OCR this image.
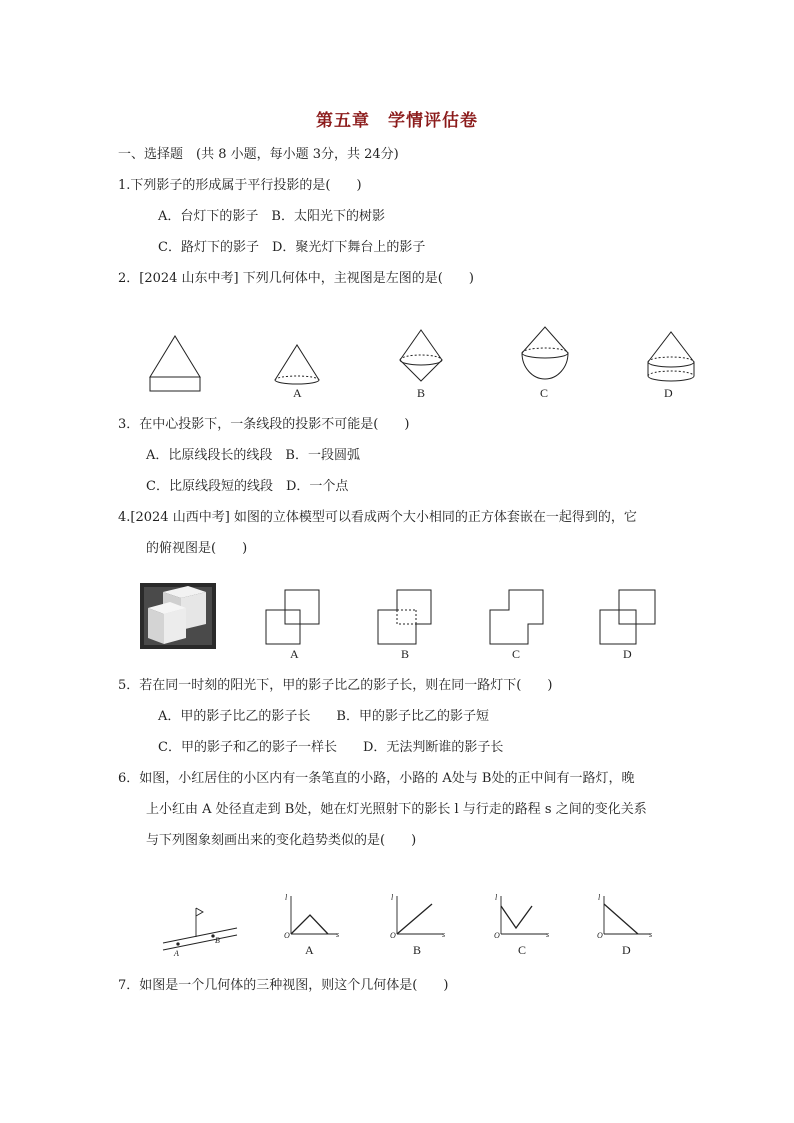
第五章　学情评估卷
一、选择题　(共 8 小题，每小题 3分，共 24分)
1.下列影子的形成属于平行投影的是(　　)
A．台灯下的影子　B．太阳光下的树影
C．路灯下的影子　D．聚光灯下舞台上的影子
2．[2024 山东中考] 下列几何体中，主视图是左图的是(　　)
A	B	C	D
3．在中心投影下，一条线段的投影不可能是(　　)
A．比原线段长的线段　B．一段圆弧
C．比原线段短的线段　D．一个点
4.[2024 山西中考] 如图的立体模型可以看成两个大小相同的正方体套嵌在一起得到的，它
的俯视图是(　　)
A	B	C	D
5．若在同一时刻的阳光下，甲的影子比乙的影子长，则在同一路灯下(　　)
A．甲的影子比乙的影子长　　B．甲的影子比乙的影子短
C．甲的影子和乙的影子一样长　　D．无法判断谁的影子长
6．如图，小红居住的小区内有一条笔直的小路，小路的 A处与 B处的正中间有一路灯，晚
上小红由 A 处径直走到 B处，她在灯光照射下的影长 l 与行走的路程 s 之间的变化关系
与下列图象刻画出来的变化趋势类似的是(　　)
A
B
l
s
O
A
l
s
O
B
l
s
O
C
l
s
O
D
7．如图是一个几何体的三种视图，则这个几何体是(　　)
